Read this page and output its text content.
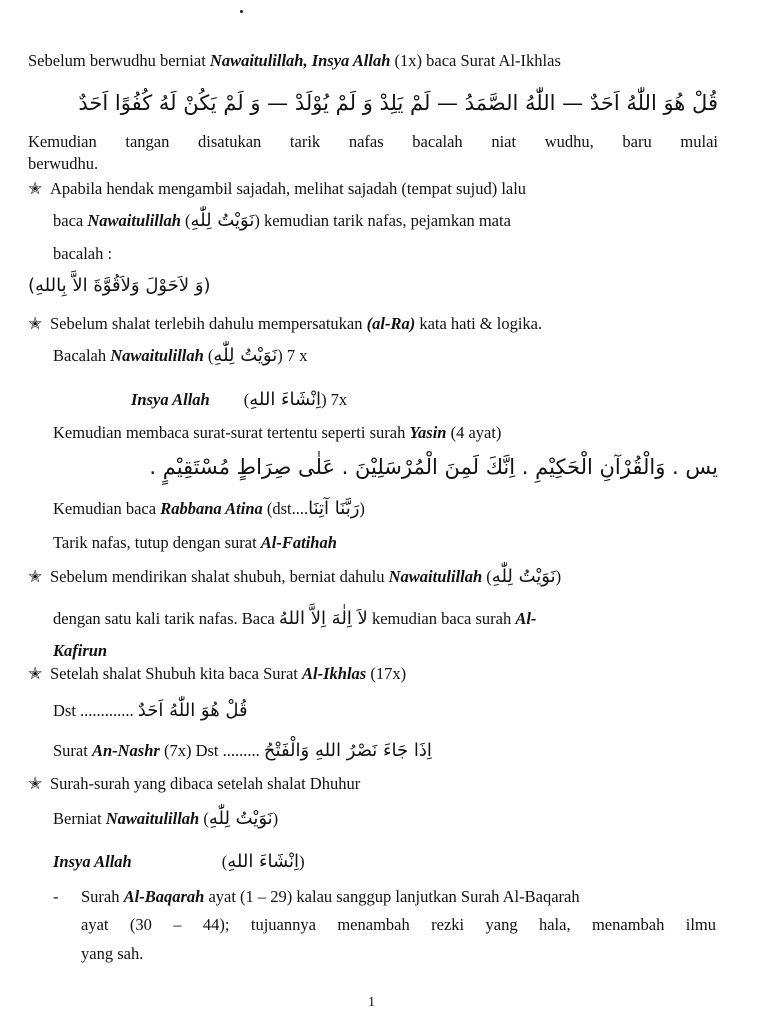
Sebelum berwudhu berniat Nawaitulillah, Insya Allah (1x) baca Surat Al-Ikhlas
قُلْ هُوَ اللّٰهُ اَحَدٌ — اللّٰهُ الصَّمَدُ — لَمْ يَلِدْ وَ لَمْ يُوْلَدْ — وَ لَمْ يَكُنْ لَهُ كُفُوًا اَحَدٌ
Kemudian tangan disatukan tarik nafas bacalah niat wudhu, baru mulai
berwudhu.
✭ Apabila hendak mengambil sajadah, melihat sajadah (tempat sujud) lalu
baca Nawaitulillah (نَوَيْتُ لِلّٰهِ) kemudian tarik nafas, pejamkan mata
bacalah :
(وَ لاَحَوْلَ وَلاَقُوَّةَ الاَّ بِاللهِ)
✭ Sebelum shalat terlebih dahulu mempersatukan (al-Ra) kata hati & logika.
Bacalah Nawaitulillah (نَوَيْتُ لِلّٰهِ) 7 x
Insya Allah (اِنْشَاءَ اللهِ) 7x
Kemudian membaca surat-surat tertentu seperti surah Yasin (4 ayat)
يس . وَالْقُرْآنِ الْحَكِيْمِ . اِنَّكَ لَمِنَ الْمُرْسَلِيْنَ . عَلٰى صِرَاطٍ مُسْتَقِيْمٍ .
Kemudian baca Rabbana Atina (dst....رَبَّنَا آتِنَا)
Tarik nafas, tutup dengan surat Al-Fatihah
✭ Sebelum mendirikan shalat shubuh, berniat dahulu Nawaitulillah (نَوَيْتُ لِلّٰهِ)
dengan satu kali tarik nafas. Baca لاَ اِلٰهَ اِلاَّ اللهُ kemudian baca surah Al-
Kafirun
✭ Setelah shalat Shubuh kita baca Surat Al-Ikhlas (17x)
Dst ............. قُلْ هُوَ اللّٰهُ اَحَدٌ
Surat An-Nashr (7x) Dst ......... اِذَا جَاءَ نَصْرُ اللهِ وَالْفَتْحُ
✭ Surah-surah yang dibaca setelah shalat Dhuhur
Berniat Nawaitulillah (نَوَيْتُ لِلّٰهِ)
Insya Allah	(اِنْشَاءَ اللهِ)
- Surah Al-Baqarah ayat (1 – 29) kalau sanggup lanjutkan Surah Al-Baqarah
ayat (30 – 44); tujuannya menambah rezki yang hala, menambah ilmu
yang sah.
1
